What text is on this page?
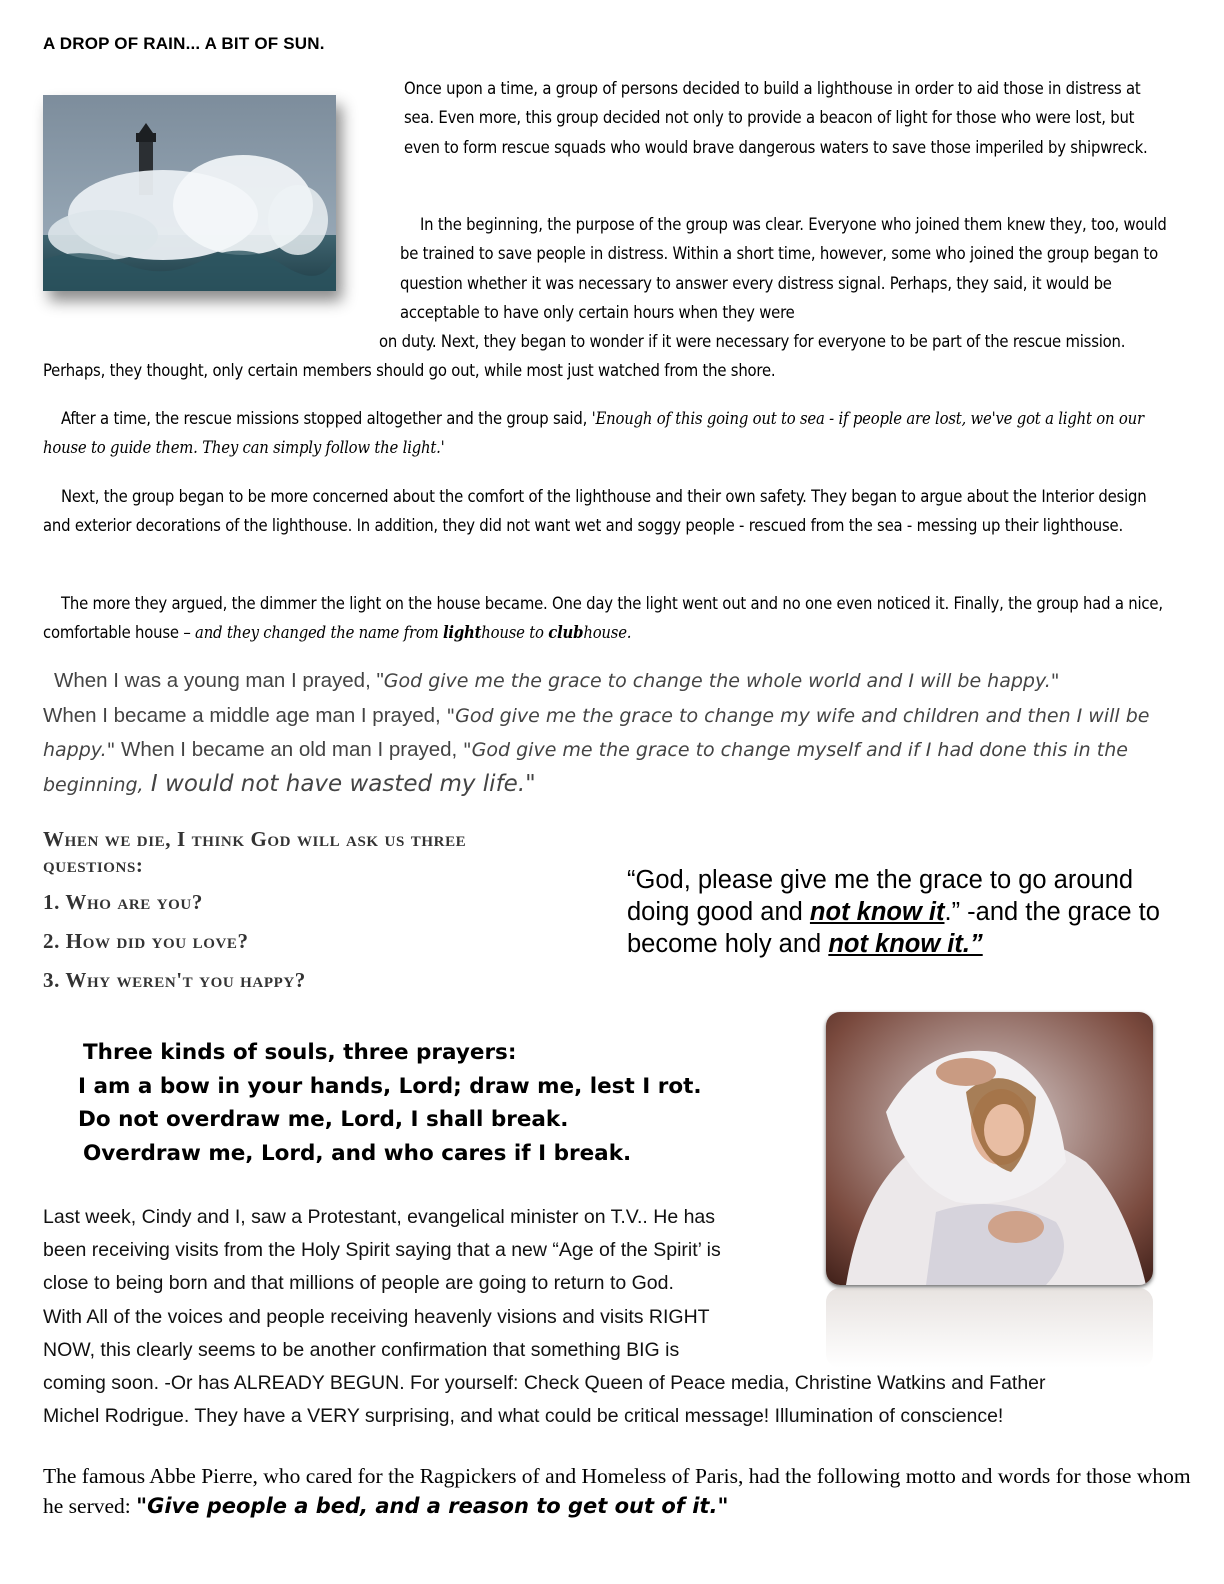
A DROP OF RAIN... A BIT OF SUN.
Once upon a time, a group of persons decided to build a lighthouse in order to aid those in distress at sea. Even more, this group decided not only to provide a beacon of light for those who were lost, but even to form rescue squads who would brave dangerous waters to save those imperiled by shipwreck.
In the beginning, the purpose of the group was clear. Everyone who joined them knew they, too, would be trained to save people in distress. Within a short time, however, some who joined the group began to question whether it was necessary to answer every distress signal. Perhaps, they said, it would be acceptable to have only certain hours when they were
on duty. Next, they began to wonder if it were necessary for everyone to be part of the rescue mission. Perhaps, they thought, only certain members should go out, while most just watched from the shore.
After a time, the rescue missions stopped altogether and the group said, 'Enough of this going out to sea - if people are lost, we've got a light on our house to guide them. They can simply follow the light.'
Next, the group began to be more concerned about the comfort of the lighthouse and their own safety. They began to argue about the Interior design and exterior decorations of the lighthouse. In addition, they did not want wet and soggy people - rescued from the sea - messing up their lighthouse.
The more they argued, the dimmer the light on the house became. One day the light went out and no one even noticed it. Finally, the group had a nice, comfortable house – and they changed the name from lighthouse to clubhouse.
When I was a young man I prayed, "God give me the grace to change the whole world and I will be happy."
When I became a middle age man I prayed, "God give me the grace to change my wife and children and then I will be happy." When I became an old man I prayed, "God give me the grace to change myself and if I had done this in the beginning, I would not have wasted my life."
When we die, I think God will ask us three questions:
1. Who are you?
2. How did you love?
3. Why weren't you happy?
“God, please give me the grace to go around doing good and not know it.” -and the grace to become holy and not know it.”
Three kinds of souls, three prayers:
I am a bow in your hands, Lord; draw me, lest I rot.
Do not overdraw me, Lord, I shall break.
Overdraw me, Lord, and who cares if I break.
Last week, Cindy and I, saw a Protestant, evangelical minister on T.V.. He has
been receiving visits from the Holy Spirit saying that a new “Age of the Spirit’ is
close to being born and that millions of people are going to return to God.
With All of the voices and people receiving heavenly visions and visits RIGHT
NOW, this clearly seems to be another confirmation that something BIG is
coming soon. -Or has ALREADY BEGUN. For yourself: Check Queen of Peace media, Christine Watkins and Father
Michel Rodrigue. They have a VERY surprising, and what could be critical message! Illumination of conscience!
The famous Abbe Pierre, who cared for the Ragpickers of and Homeless of Paris, had the following motto and words for those whom he served: "Give people a bed, and a reason to get out of it."
